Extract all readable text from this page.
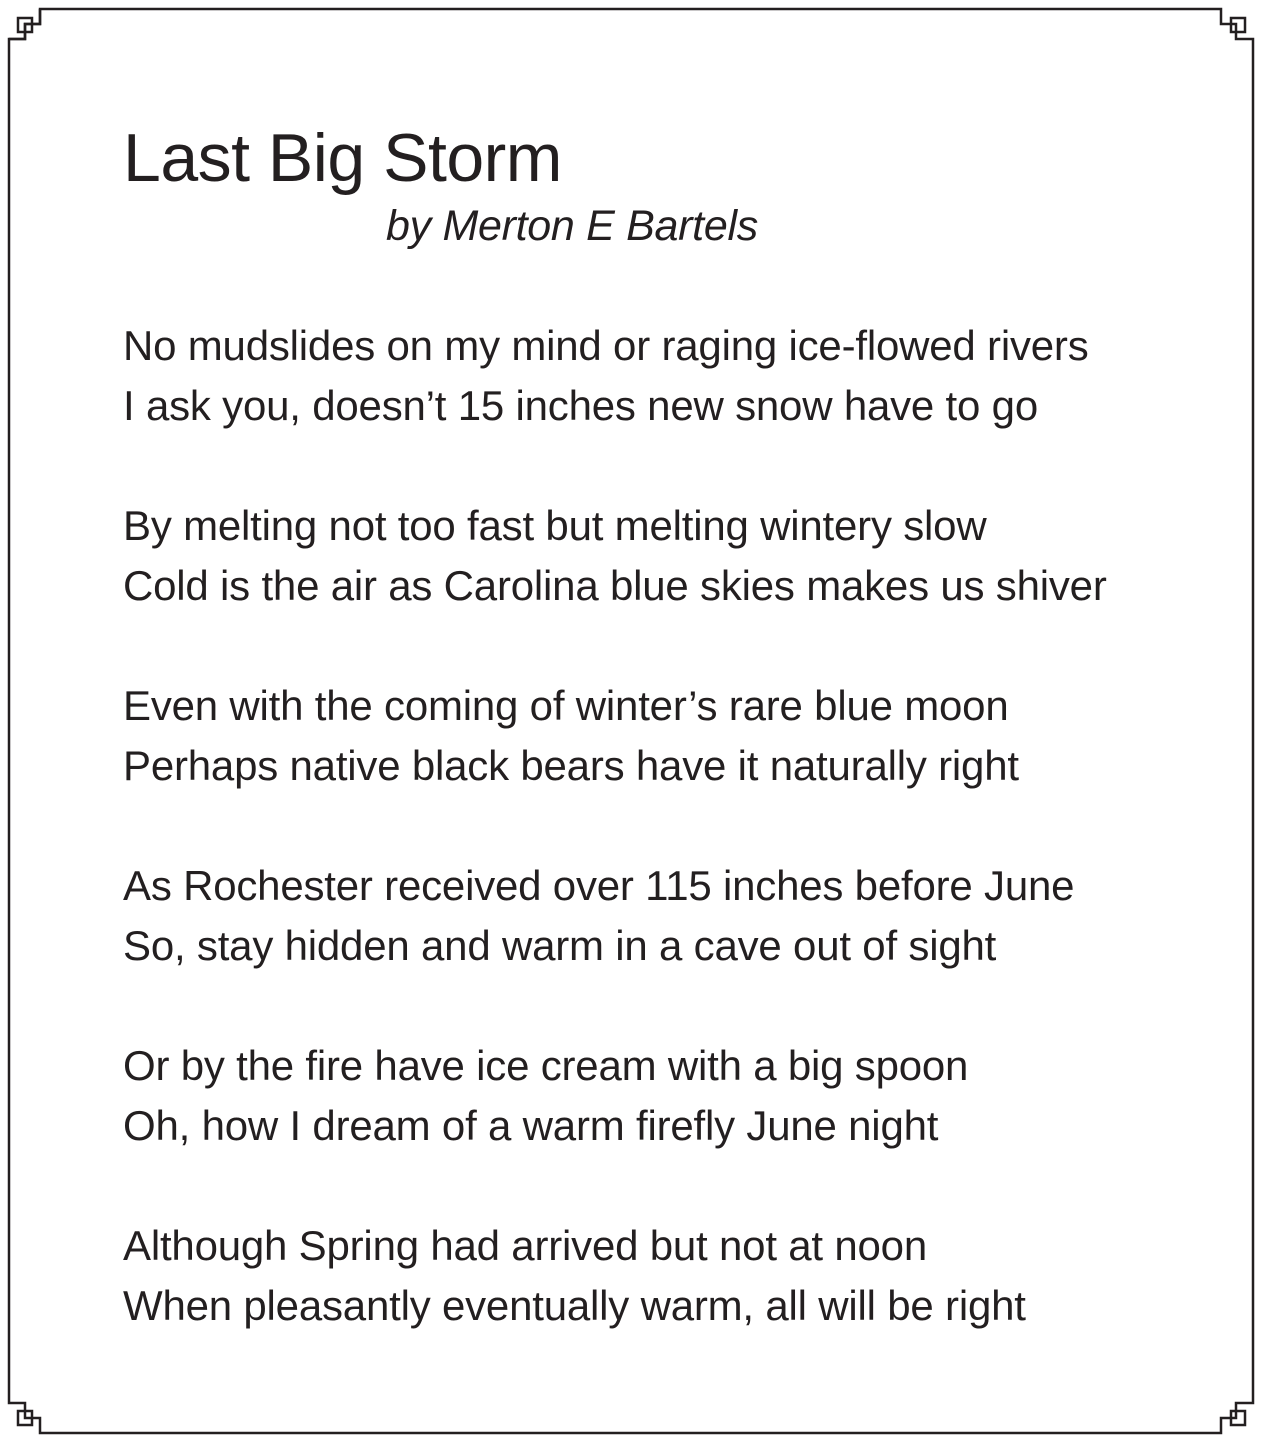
Last Big Storm

by Merton E Bartels

No mudslides on my mind or raging ice-flowed rivers
I ask you, doesn’t 15 inches new snow have to go
By melting not too fast but melting wintery slow
Cold is the air as Carolina blue skies makes us shiver
Even with the coming of winter’s rare blue moon
Perhaps native black bears have it naturally right
As Rochester received over 115 inches before June
So, stay hidden and warm in a cave out of sight
Or by the fire have ice cream with a big spoon
Oh, how I dream of a warm firefly June night
Although Spring had arrived but not at noon
When pleasantly eventually warm, all will be right
